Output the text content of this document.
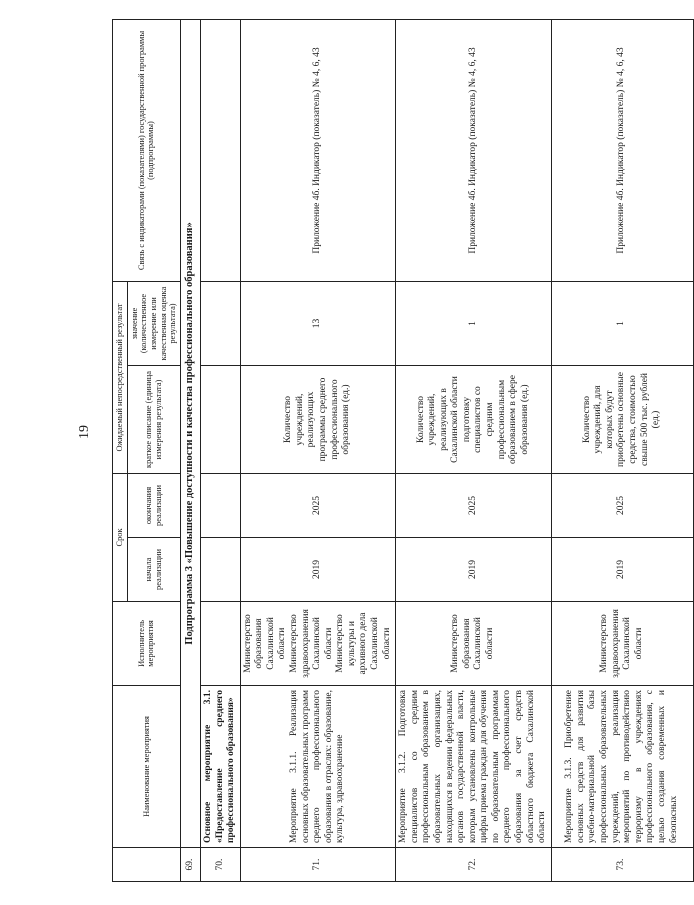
19
	Наименование мероприятия	Исполнитель мероприятия	Срок		Ожидаемый непосредственный результат		Связь с индикаторами (показателями) государственной программы (подпрограммы)
			начала реализации	окончания реализации	краткое описание (единица измерения результата)	значение (количественное измерение или качественная оценка результата)	
69.	Подпрограмма 3 «Повышение доступности и качества профессионального образования»						
70.	Основное мероприятие 3.1. «Предоставление среднего профессионального образования»						
71.	Мероприятие 3.1.1. Реализация основных образовательных программ среднего профессионального образования в отраслях: образование, культура, здравоохранение	Министерство образования Сахалинской области Министерство здравоохранения Сахалинской области Министерство культуры и архивного дела Сахалинской области	2019	2025	Количество учреждений, реализующих программы среднего профессионального образования (ед.)	13	Приложение 4б. Индикатор (показатель) № 4, 6, 43
72.	Мероприятие 3.1.2. Подготовка специалистов со средним профессиональным образованием в образовательных организациях, находящихся в ведении федеральных органов государственной власти, которым установлены контрольные цифры приема граждан для обучения по образовательным программам среднего профессионального образования за счет средств областного бюджета Сахалинской области	Министерство образования Сахалинской области	2019	2025	Количество учреждений, реализующих в Сахалинской области подготовку специалистов со средним профессиональным образованием в сфере образования (ед.)	1	Приложение 4б. Индикатор (показатель) № 4, 6, 43
73.	Мероприятие 3.1.3. Приобретение основных средств для развития учебно-материальной базы профессиональных образовательных учреждений, реализация мероприятий по противодействию терроризму в учреждениях профессионального образования, с целью создания современных и безопасных	Министерство здравоохранения Сахалинской области	2019	2025	Количество учреждений, для которых будут приобретены основные средства, стоимостью свыше 500 тыс. рублей (ед.)	1	Приложение 4б. Индикатор (показатель) № 4, 6, 43
